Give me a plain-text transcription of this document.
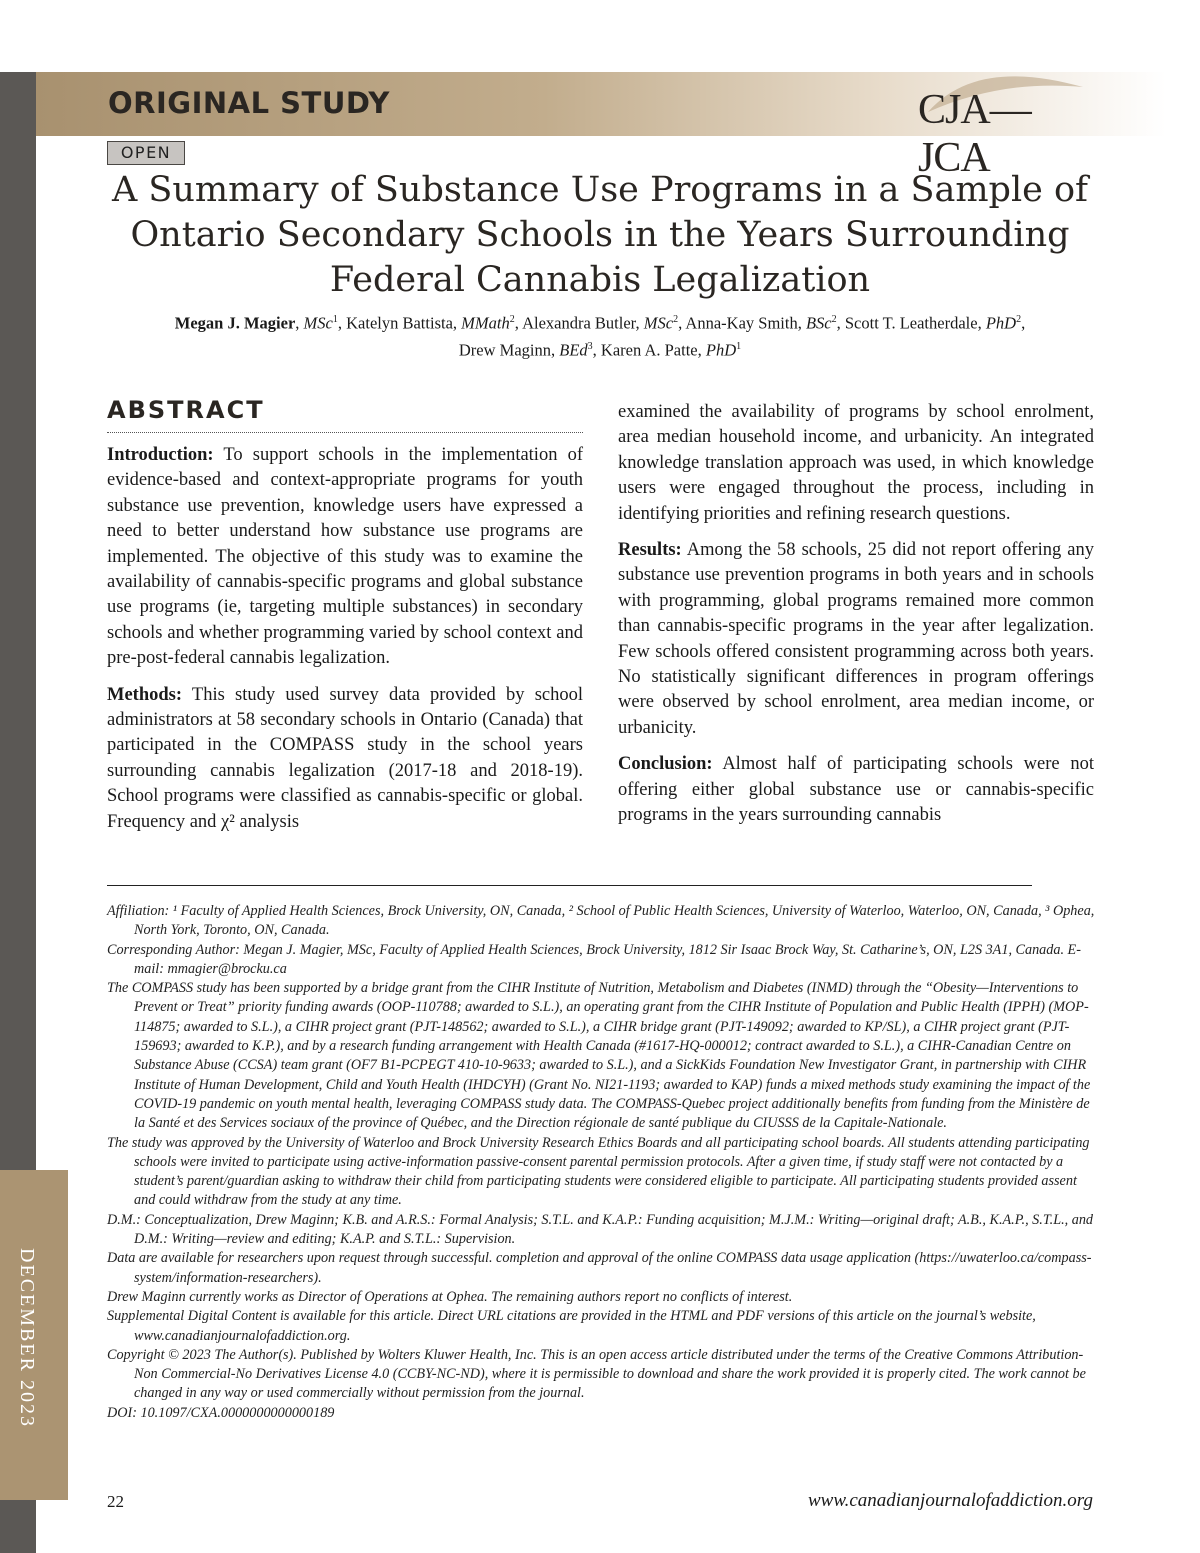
DECEMBER 2023
ORIGINAL STUDY	CJA—JCA
OPEN
A Summary of Substance Use Programs in a Sample of
Ontario Secondary Schools in the Years Surrounding
Federal Cannabis Legalization
Megan J. Magier, MSc$^1$, Katelyn Battista, MMath$^2$, Alexandra Butler, MSc$^2$, Anna-Kay Smith, BSc$^2$, Scott T. Leatherdale, PhD$^2$,
Drew Maginn, BEd$^3$, Karen A. Patte, PhD$^1$
ABSTRACT

Introduction: To support schools in the implementation of evidence-based and context-appropriate programs for youth substance use prevention, knowledge users have expressed a need to better understand how substance use programs are implemented. The objective of this study was to examine the availability of cannabis-specific programs and global substance use programs (ie, targeting multiple substances) in secondary schools and whether programming varied by school context and pre-post-federal cannabis legalization.

Methods: This study used survey data provided by school administrators at 58 secondary schools in Ontario (Canada) that participated in the COMPASS study in the school years surrounding cannabis legalization (2017-18 and 2018-19). School programs were classified as cannabis-specific or global. Frequency and χ² analysis

examined the availability of programs by school enrolment, area median household income, and urbanicity. An integrated knowledge translation approach was used, in which knowledge users were engaged throughout the process, including in identifying priorities and refining research questions.

Results: Among the 58 schools, 25 did not report offering any substance use prevention programs in both years and in schools with programming, global programs remained more common than cannabis-specific programs in the year after legalization. Few schools offered consistent programming across both years. No statistically significant differences in program offerings were observed by school enrolment, area median income, or urbanicity.

Conclusion: Almost half of participating schools were not offering either global substance use or cannabis-specific programs in the years surrounding cannabis

Affiliation: ¹ Faculty of Applied Health Sciences, Brock University, ON, Canada, ² School of Public Health Sciences, University of Waterloo, Waterloo, ON, Canada, ³ Ophea, North York, Toronto, ON, Canada.

Corresponding Author: Megan J. Magier, MSc, Faculty of Applied Health Sciences, Brock University, 1812 Sir Isaac Brock Way, St. Catharine’s, ON, L2S 3A1, Canada. E-mail: mmagier@brocku.ca

The COMPASS study has been supported by a bridge grant from the CIHR Institute of Nutrition, Metabolism and Diabetes (INMD) through the “Obesity—Interventions to Prevent or Treat” priority funding awards (OOP-110788; awarded to S.L.), an operating grant from the CIHR Institute of Population and Public Health (IPPH) (MOP-114875; awarded to S.L.), a CIHR project grant (PJT-148562; awarded to S.L.), a CIHR bridge grant (PJT-149092; awarded to KP/SL), a CIHR project grant (PJT-159693; awarded to K.P.), and by a research funding arrangement with Health Canada (#1617-HQ-000012; contract awarded to S.L.), a CIHR-Canadian Centre on Substance Abuse (CCSA) team grant (OF7 B1-PCPEGT 410-10-9633; awarded to S.L.), and a SickKids Foundation New Investigator Grant, in partnership with CIHR Institute of Human Development, Child and Youth Health (IHDCYH) (Grant No. NI21-1193; awarded to KAP) funds a mixed methods study examining the impact of the COVID-19 pandemic on youth mental health, leveraging COMPASS study data. The COMPASS-Quebec project additionally benefits from funding from the Ministère de la Santé et des Services sociaux of the province of Québec, and the Direction régionale de santé publique du CIUSSS de la Capitale-Nationale.

The study was approved by the University of Waterloo and Brock University Research Ethics Boards and all participating school boards. All students attending participating schools were invited to participate using active-information passive-consent parental permission protocols. After a given time, if study staff were not contacted by a student’s parent/guardian asking to withdraw their child from participating students were considered eligible to participate. All participating students provided assent and could withdraw from the study at any time.

D.M.: Conceptualization, Drew Maginn; K.B. and A.R.S.: Formal Analysis; S.T.L. and K.A.P.: Funding acquisition; M.J.M.: Writing—original draft; A.B., K.A.P., S.T.L., and D.M.: Writing—review and editing; K.A.P. and S.T.L.: Supervision.

Data are available for researchers upon request through successful. completion and approval of the online COMPASS data usage application (https://uwaterloo.ca/compass-system/information-researchers).

Drew Maginn currently works as Director of Operations at Ophea. The remaining authors report no conflicts of interest.

Supplemental Digital Content is available for this article. Direct URL citations are provided in the HTML and PDF versions of this article on the journal’s website, www.canadianjournalofaddiction.org.

Copyright © 2023 The Author(s). Published by Wolters Kluwer Health, Inc. This is an open access article distributed under the terms of the Creative Commons Attribution-Non Commercial-No Derivatives License 4.0 (CCBY-NC-ND), where it is permissible to download and share the work provided it is properly cited. The work cannot be changed in any way or used commercially without permission from the journal.

DOI: 10.1097/CXA.0000000000000189

22	www.canadianjournalofaddiction.org
